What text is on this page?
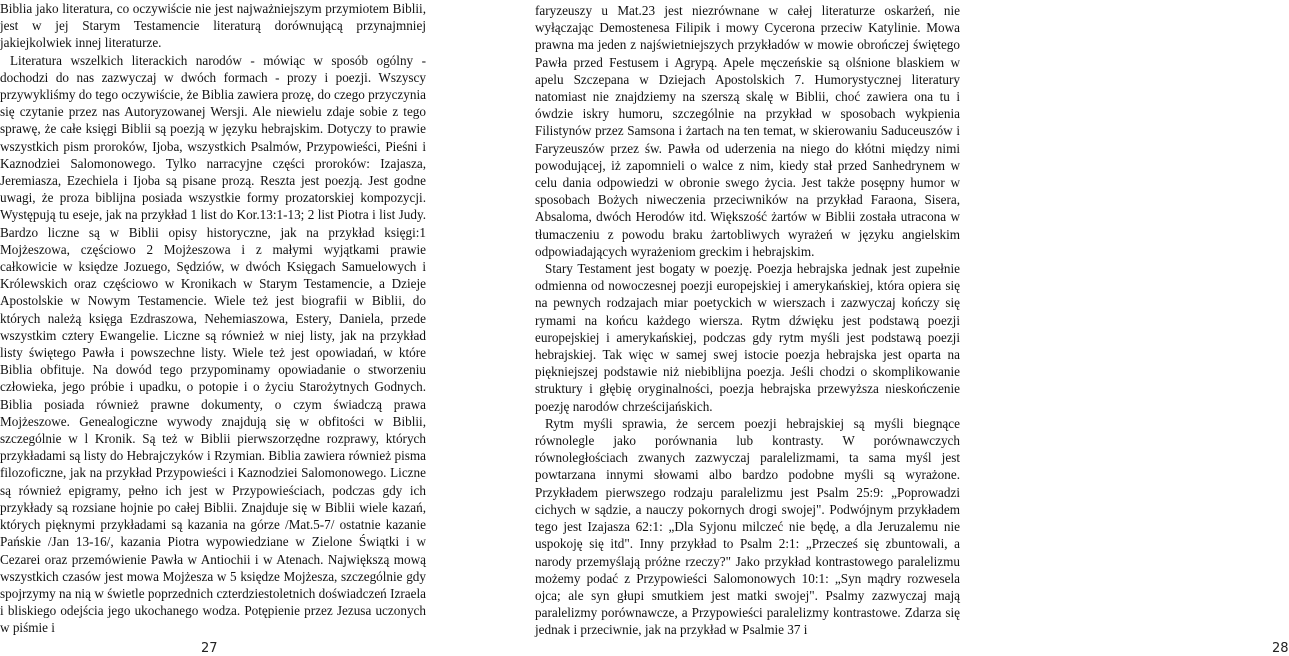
Biblia jako literatura, co oczywiście nie jest najważniejszym przymiotem Biblii, jest w jej Starym Testamencie literaturą dorównującą przynajmniej jakiejkolwiek innej literaturze.

Literatura wszelkich literackich narodów - mówiąc w sposób ogólny - dochodzi do nas zazwyczaj w dwóch formach - prozy i poezji. Wszyscy przywykliśmy do tego oczywiście, że Biblia zawiera prozę, do czego przyczynia się czytanie przez nas Autoryzowanej Wersji. Ale niewielu zdaje sobie z tego sprawę, że całe księgi Biblii są poezją w języku hebrajskim. Dotyczy to prawie wszystkich pism proroków, Ijoba, wszystkich Psalmów, Przypowieści, Pieśni i Kaznodziei Salomonowego. Tylko narracyjne części proroków: Izajasza, Jeremiasza, Ezechiela i Ijoba są pisane prozą. Reszta jest poezją. Jest godne uwagi, że proza biblijna posiada wszystkie formy prozatorskiej kompozycji. Występują tu eseje, jak na przykład 1 list do Kor.13:1-13; 2 list Piotra i list Judy. Bardzo liczne są w Biblii opisy historyczne, jak na przykład księgi:1 Mojżeszowa, częściowo 2 Mojżeszowa i z małymi wyjątkami prawie całkowicie w księdze Jozuego, Sędziów, w dwóch Księgach Samuelowych i Królewskich oraz częściowo w Kronikach w Starym Testamencie, a Dzieje Apostolskie w Nowym Testamencie. Wiele też jest biografii w Biblii, do których należą księga Ezdraszowa, Nehemiaszowa, Estery, Daniela, przede wszystkim cztery Ewangelie. Liczne są również w niej listy, jak na przykład listy świętego Pawła i powszechne listy. Wiele też jest opowiadań, w które Biblia obfituje. Na dowód tego przypominamy opowiadanie o stworzeniu człowieka, jego próbie i upadku, o potopie i o życiu Starożytnych Godnych. Biblia posiada również prawne dokumenty, o czym świadczą prawa Mojżeszowe. Genealogiczne wywody znajdują się w obfitości w Biblii, szczególnie w l Kronik. Są też w Biblii pierwszorzędne rozprawy, których przykładami są listy do Hebrajczyków i Rzymian. Biblia zawiera również pisma filozoficzne, jak na przykład Przypowieści i Kaznodziei Salomonowego. Liczne są również epigramy, pełno ich jest w Przypowieściach, podczas gdy ich przykłady są rozsiane hojnie po całej Biblii. Znajduje się w Biblii wiele kazań, których pięknymi przykładami są kazania na górze /Mat.5-7/ ostatnie kazanie Pańskie /Jan 13-16/, kazania Piotra wypowiedziane w Zielone Świątki i w Cezarei oraz przemówienie Pawła w Antiochii i w Atenach. Największą mową wszystkich czasów jest mowa Mojżesza w 5 księdze Mojżesza, szczególnie gdy spojrzymy na nią w świetle poprzednich czterdziestoletnich doświadczeń Izraela i bliskiego odejścia jego ukochanego wodza. Potępienie przez Jezusa uczonych w piśmie i

27

faryzeuszy u Mat.23 jest niezrównane w całej literaturze oskarżeń, nie wyłączając Demostenesa Filipik i mowy Cycerona przeciw Katylinie. Mowa prawna ma jeden z najświetniejszych przykładów w mowie obrończej świętego Pawła przed Festusem i Agrypą. Apele męczeńskie są olśnione blaskiem w apelu Szczepana w Dziejach Apostolskich 7. Humorystycznej literatury natomiast nie znajdziemy na szerszą skalę w Biblii, choć zawiera ona tu i ówdzie iskry humoru, szczególnie na przykład w sposobach wykpienia Filistynów przez Samsona i żartach na ten temat, w skierowaniu Saduceuszów i Faryzeuszów przez św. Pawła od uderzenia na niego do kłótni między nimi powodującej, iż zapomnieli o walce z nim, kiedy stał przed Sanhedrynem w celu dania odpowiedzi w obronie swego życia. Jest także posępny humor w sposobach Bożych niweczenia przeciwników na przykład Faraona, Sisera, Absaloma, dwóch Herodów itd. Większość żartów w Biblii została utracona w tłumaczeniu z powodu braku żartobliwych wyrażeń w języku angielskim odpowiadających wyrażeniom greckim i hebrajskim.

Stary Testament jest bogaty w poezję. Poezja hebrajska jednak jest zupełnie odmienna od nowoczesnej poezji europejskiej i amerykańskiej, która opiera się na pewnych rodzajach miar poetyckich w wierszach i zazwyczaj kończy się rymami na końcu każdego wiersza. Rytm dźwięku jest podstawą poezji europejskiej i amerykańskiej, podczas gdy rytm myśli jest podstawą poezji hebrajskiej. Tak więc w samej swej istocie poezja hebrajska jest oparta na piękniejszej podstawie niż niebiblijna poezja. Jeśli chodzi o skomplikowanie struktury i głębię oryginalności, poezja hebrajska przewyższa nieskończenie poezję narodów chrześcijańskich.

Rytm myśli sprawia, że sercem poezji hebrajskiej są myśli biegnące równolegle jako porównania lub kontrasty. W porównawczych równoległościach zwanych zazwyczaj paralelizmami, ta sama myśl jest powtarzana innymi słowami albo bardzo podobne myśli są wyrażone. Przykładem pierwszego rodzaju paralelizmu jest Psalm 25:9: „Poprowadzi cichych w sądzie, a nauczy pokornych drogi swojej". Podwójnym przykładem tego jest Izajasza 62:1: „Dla Syjonu milczeć nie będę, a dla Jeruzalemu nie uspokoję się itd". Inny przykład to Psalm 2:1: „Przecześ się zbuntowali, a narody przemyślają próżne rzeczy?" Jako przykład kontrastowego paralelizmu możemy podać z Przypowieści Salomonowych 10:1: „Syn mądry rozwesela ojca; ale syn głupi smutkiem jest matki swojej". Psalmy zazwyczaj mają paralelizmy porównawcze, a Przypowieści paralelizmy kontrastowe. Zdarza się jednak i przeciwnie, jak na przykład w Psalmie 37 i

28
